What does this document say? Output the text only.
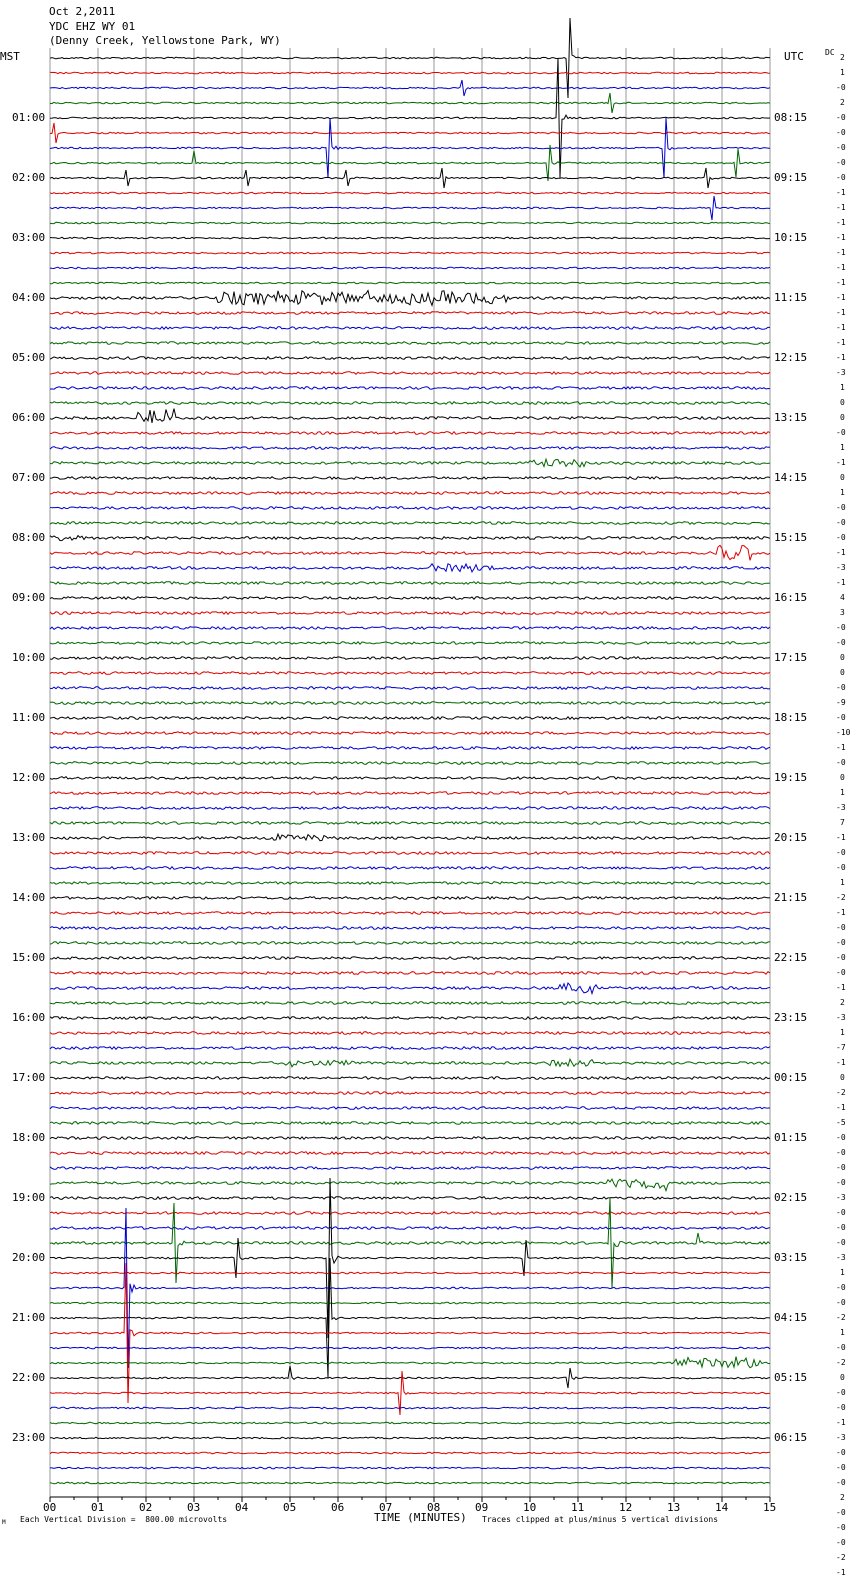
Oct 2,2011
YDC EHZ WY 01
(Denny Creek, Yellowstone Park, WY)
MST	UTC	DC
01:00
02:00
03:00
04:00
05:00
06:00
07:00
08:00
09:00
10:00
11:00
12:00
13:00
14:00
15:00
16:00
17:00
18:00
19:00
20:00
21:00
22:00
23:00
08:15
09:15
10:15
11:15
12:15
13:15
14:15
15:15
16:15
17:15
18:15
19:15
20:15
21:15
22:15
23:15
00:15
01:15
02:15
03:15
04:15
05:15
06:15
2
1
-0
2
-0
-0
-0
-0
-0
-1
-1
-1
-1
-1
-1
-1
-1
-1
-1
-1
-1
-3
1
0
0
-0
1
-1
0
1
-0
-0
-0
-1
-3
-1
4
3
-0
-0
0
0
-0
-9
-0
-10
-1
-0
0
1
-3
7
-1
-0
-0
1
-2
-1
-0
-0
-0
-0
-1
2
-3
1
-7
-1
0
-2
-1
-5
-0
-0
-0
-0
-3
-0
-0
-0
-3
1
-0
-0
-2
1
-0
-2
0
-0
-0
-1
-3
-0
-0
-0
2
-0
-0
-0
-2
-1
00	01	02	03	04	05	06	07	08	09	10	11	12	13	14	15
TIME (MINUTES)
Each Vertical Division =  800.00 microvolts	Traces clipped at plus/minus 5 vertical divisions
M
